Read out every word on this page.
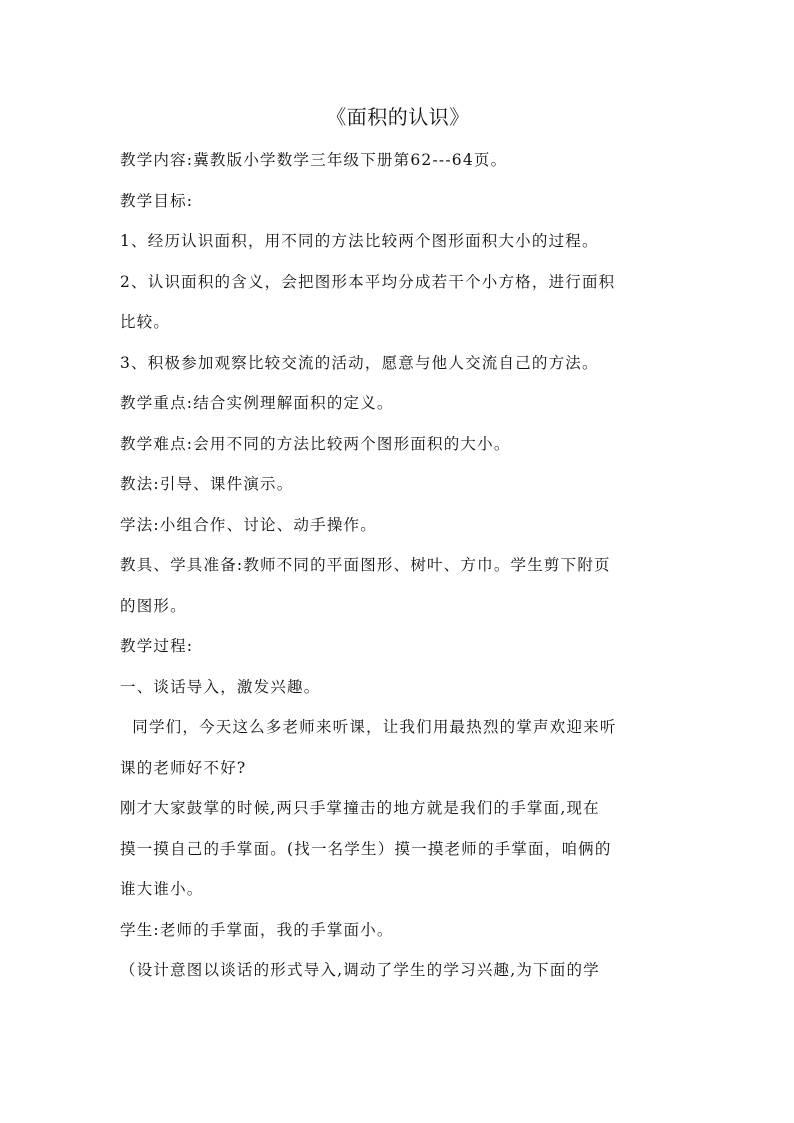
《面积的认识》
教学内容:冀教版小学数学三年级下册第62---64页。
教学目标:
1、经历认识面积，用不同的方法比较两个图形面积大小的过程。
2、认识面积的含义，会把图形本平均分成若干个小方格，进行面积
比较。
3、积极参加观察比较交流的活动，愿意与他人交流自己的方法。
教学重点:结合实例理解面积的定义。
教学难点:会用不同的方法比较两个图形面积的大小。
教法:引导、课件演示。
学法:小组合作、讨论、动手操作。
教具、学具准备:教师不同的平面图形、树叶、方巾。学生剪下附页
的图形。
教学过程:
一、谈话导入，激发兴趣。
同学们，今天这么多老师来听课，让我们用最热烈的掌声欢迎来听
课的老师好不好?
刚才大家鼓掌的时候,两只手掌撞击的地方就是我们的手掌面,现在
摸一摸自己的手掌面。(找一名学生）摸一摸老师的手掌面，咱俩的
谁大谁小。
学生:老师的手掌面，我的手掌面小。
（设计意图以谈话的形式导入,调动了学生的学习兴趣,为下面的学
